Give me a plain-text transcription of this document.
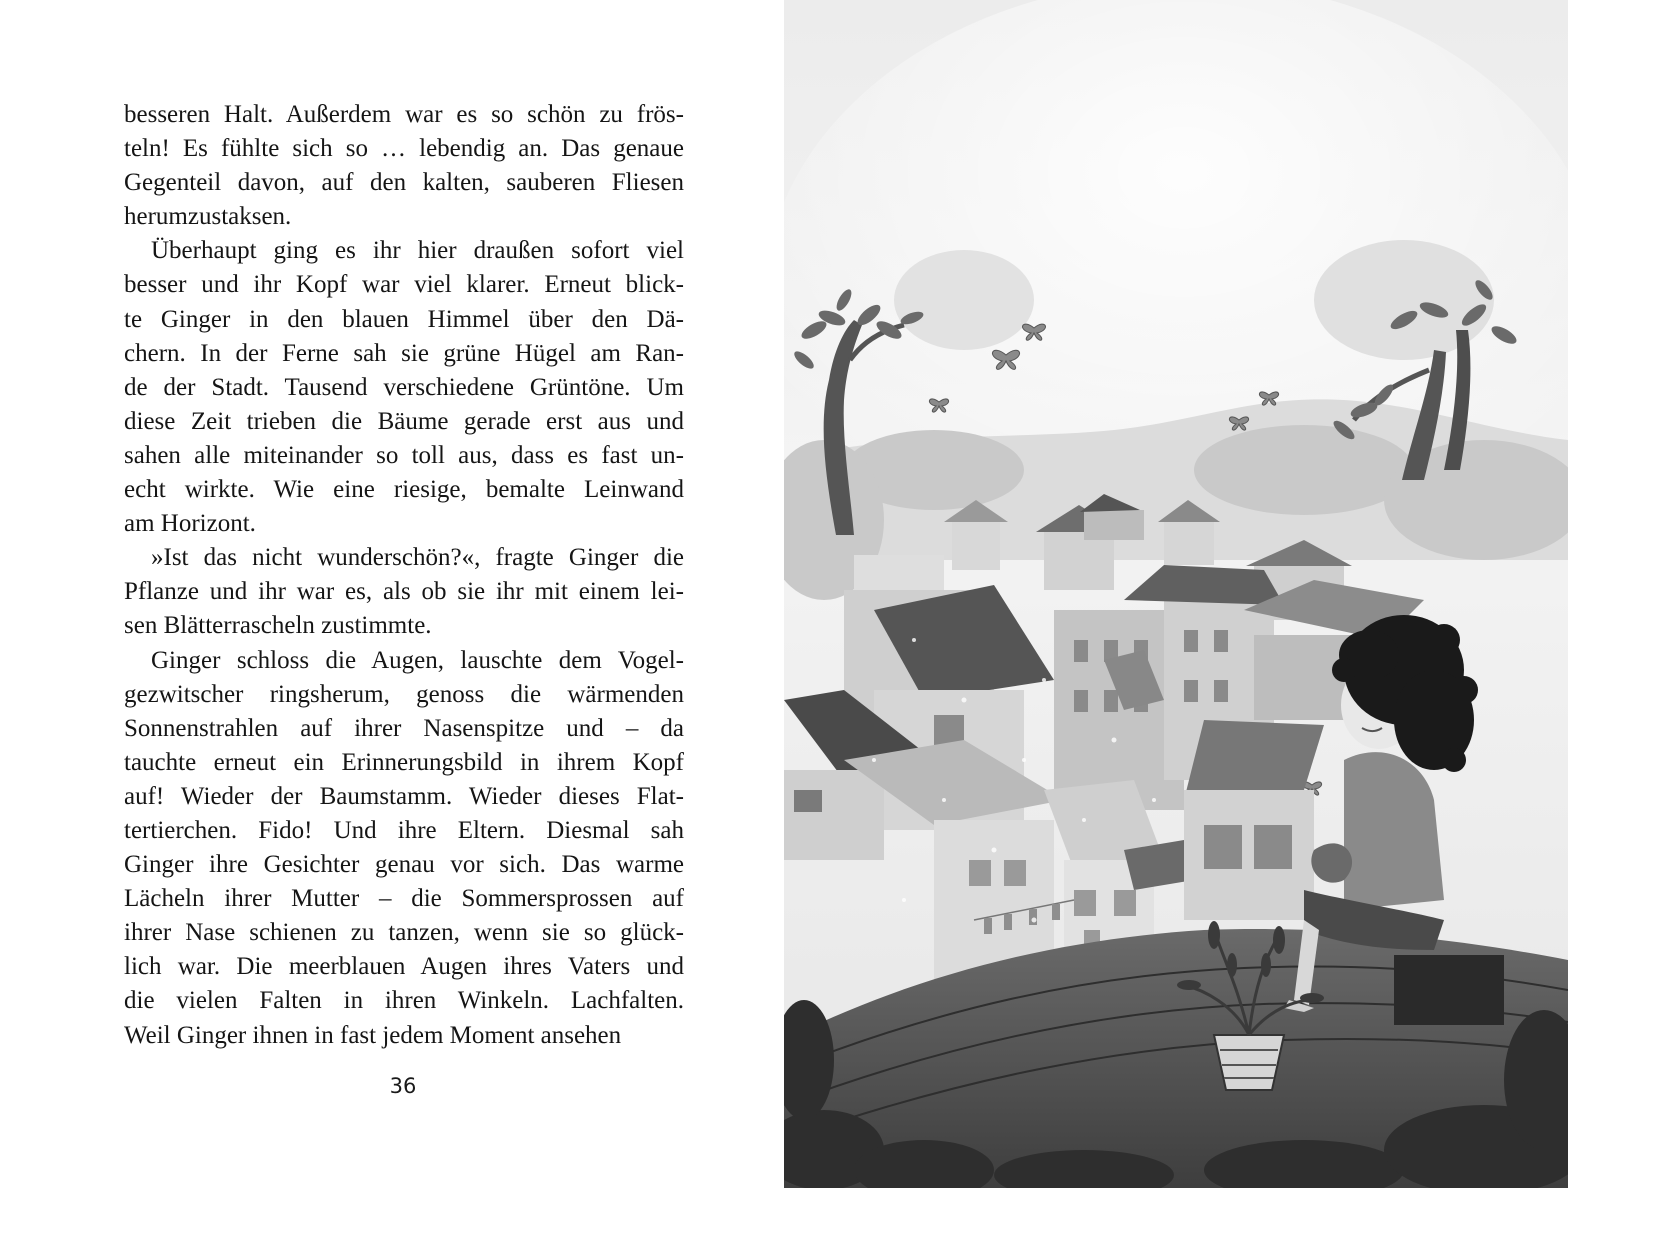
besseren Halt. Außerdem war es so schön zu frös-
teln! Es fühlte sich so … lebendig an. Das genaue
Gegenteil davon, auf den kalten, sauberen Fliesen
herumzustaksen.

Überhaupt ging es ihr hier draußen sofort viel
besser und ihr Kopf war viel klarer. Erneut blick-
te Ginger in den blauen Himmel über den Dä-
chern. In der Ferne sah sie grüne Hügel am Ran-
de der Stadt. Tausend verschiedene Grüntöne. Um
diese Zeit trieben die Bäume gerade erst aus und
sahen alle miteinander so toll aus, dass es fast un-
echt wirkte. Wie eine riesige, bemalte Leinwand
am Horizont.

»Ist das nicht wunderschön?«, fragte Ginger die
Pflanze und ihr war es, als ob sie ihr mit einem lei-
sen Blätterrascheln zustimmte.

Ginger schloss die Augen, lauschte dem Vogel-
gezwitscher ringsherum, genoss die wärmenden
Sonnenstrahlen auf ihrer Nasenspitze und – da
tauchte erneut ein Erinnerungsbild in ihrem Kopf
auf! Wieder der Baumstamm. Wieder dieses Flat-
tertierchen. Fido! Und ihre Eltern. Diesmal sah
Ginger ihre Gesichter genau vor sich. Das warme
Lächeln ihrer Mutter – die Sommersprossen auf
ihrer Nase schienen zu tanzen, wenn sie so glück-
lich war. Die meerblauen Augen ihres Vaters und
die vielen Falten in ihren Winkeln. Lachfalten.
Weil Ginger ihnen in fast jedem Moment ansehen

36
